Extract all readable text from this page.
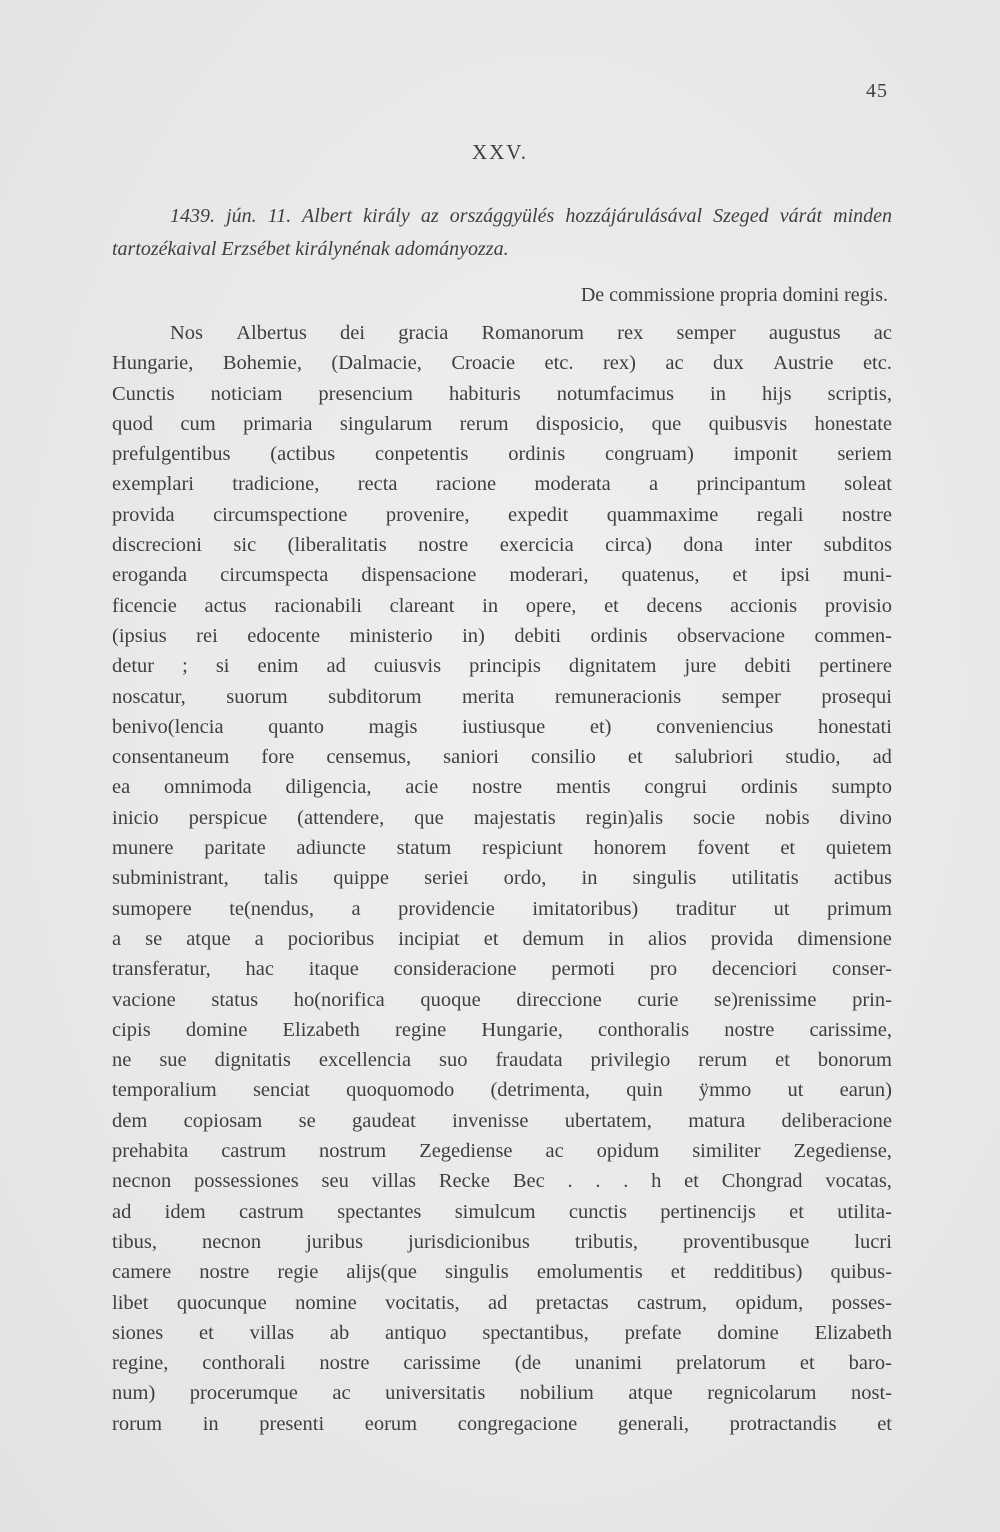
45
XXV.
1439. jún. 11. Albert király az országgyülés hozzájárulásával Szeged várát minden tartozékaival Erzsébet királynénak adományozza.
De commissione propria domini regis.
Nos Albertus dei gracia Romanorum rex semper augustus ac
Hungarie, Bohemie, (Dalmacie, Croacie etc. rex) ac dux Austrie etc.
Cunctis noticiam presencium habituris notumfacimus in hijs scriptis,
quod cum primaria singularum rerum disposicio, que quibusvis honestate
prefulgentibus (actibus conpetentis ordinis congruam) imponit seriem
exemplari tradicione, recta racione moderata a principantum soleat
provida circumspectione provenire, expedit quammaxime regali nostre
discrecioni sic (liberalitatis nostre exercicia circa) dona inter subditos
eroganda circumspecta dispensacione moderari, quatenus, et ipsi muni-
ficencie actus racionabili clareant in opere, et decens accionis provisio
(ipsius rei edocente ministerio in) debiti ordinis observacione commen-
detur ; si enim ad cuiusvis principis dignitatem jure debiti pertinere
noscatur, suorum subditorum merita remuneracionis semper prosequi
benivo(lencia quanto magis iustiusque et) conveniencius honestati
consentaneum fore censemus, saniori consilio et salubriori studio, ad
ea omnimoda diligencia, acie nostre mentis congrui ordinis sumpto
inicio perspicue (attendere, que majestatis regin)alis socie nobis divino
munere paritate adiuncte statum respiciunt honorem fovent et quietem
subministrant, talis quippe seriei ordo, in singulis utilitatis actibus
sumopere te(nendus, a providencie imitatoribus) traditur ut primum
a se atque a pocioribus incipiat et demum in alios provida dimensione
transferatur, hac itaque consideracione permoti pro decenciori conser-
vacione status ho(norifica quoque direccione curie se)renissime prin-
cipis domine Elizabeth regine Hungarie, conthoralis nostre carissime,
ne sue dignitatis excellencia suo fraudata privilegio rerum et bonorum
temporalium senciat quoquomodo (detrimenta, quin ÿmmo ut earun)
dem copiosam se gaudeat invenisse ubertatem, matura deliberacione
prehabita castrum nostrum Zegediense ac opidum similiter Zegediense,
necnon possessiones seu villas Recke Bec . . . h et Chongrad vocatas,
ad idem castrum spectantes simulcum cunctis pertinencijs et utilita-
tibus, necnon juribus jurisdicionibus tributis, proventibusque lucri
camere nostre regie alijs(que singulis emolumentis et redditibus) quibus-
libet quocunque nomine vocitatis, ad pretactas castrum, opidum, posses-
siones et villas ab antiquo spectantibus, prefate domine Elizabeth
regine, conthorali nostre carissime (de unanimi prelatorum et baro-
num) procerumque ac universitatis nobilium atque regnicolarum nost-
rorum in presenti eorum congregacione generali, protractandis et
